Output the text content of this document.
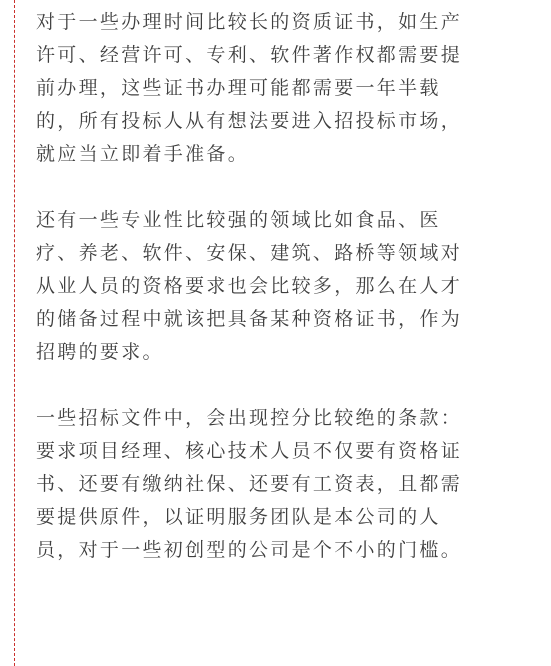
对于一些办理时间比较长的资质证书，如生产
许可、经营许可、专利、软件著作权都需要提
前办理，这些证书办理可能都需要一年半载
的，所有投标人从有想法要进入招投标市场，
就应当立即着手准备。

还有一些专业性比较强的领域比如食品、医
疗、养老、软件、安保、建筑、路桥等领域对
从业人员的资格要求也会比较多，那么在人才
的储备过程中就该把具备某种资格证书，作为
招聘的要求。

一些招标文件中，会出现控分比较绝的条款：
要求项目经理、核心技术人员不仅要有资格证
书、还要有缴纳社保、还要有工资表，且都需
要提供原件，以证明服务团队是本公司的人
员，对于一些初创型的公司是个不小的门槛。
